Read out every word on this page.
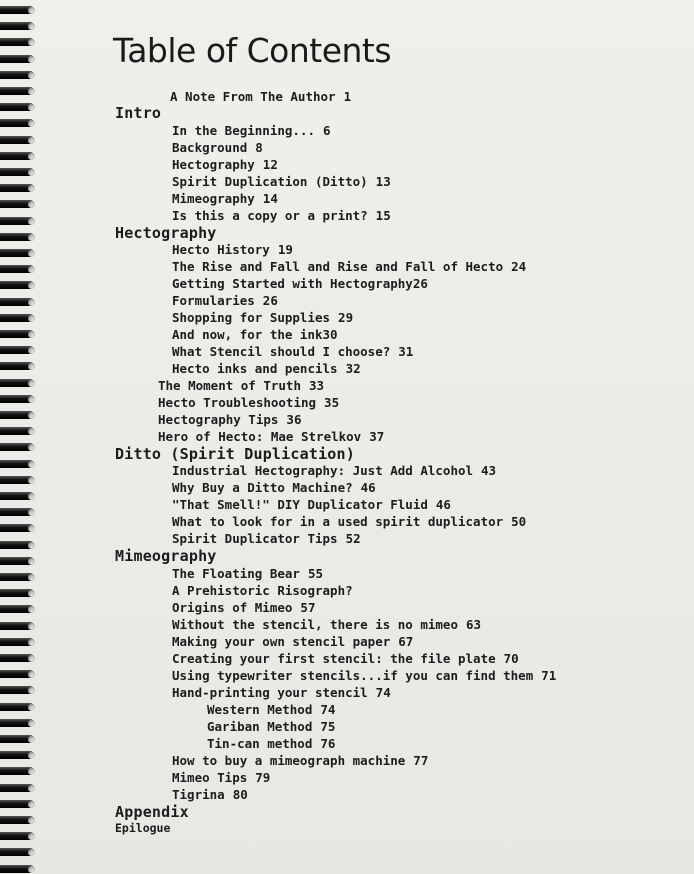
Table of Contents
A Note From The Author 1
Intro
In the Beginning... 6
Background 8
Hectography 12
Spirit Duplication (Ditto) 13
Mimeography 14
Is this a copy or a print? 15
Hectography
Hecto History 19
The Rise and Fall and Rise and Fall of Hecto 24
Getting Started with Hectography26
Formularies 26
Shopping for Supplies 29
And now, for the ink30
What Stencil should I choose? 31
Hecto inks and pencils 32
The Moment of Truth 33
Hecto Troubleshooting 35
Hectography Tips 36
Hero of Hecto: Mae Strelkov 37
Ditto (Spirit Duplication)
Industrial Hectography: Just Add Alcohol 43
Why Buy a Ditto Machine? 46
"That Smell!" DIY Duplicator Fluid 46
What to look for in a used spirit duplicator 50
Spirit Duplicator Tips 52
Mimeography
The Floating Bear 55
A Prehistoric Risograph?
Origins of Mimeo 57
Without the stencil, there is no mimeo 63
Making your own stencil paper 67
Creating your first stencil: the file plate 70
Using typewriter stencils...if you can find them 71
Hand-printing your stencil 74
Western Method 74
Gariban Method 75
Tin-can method 76
How to buy a mimeograph machine 77
Mimeo Tips 79
Tigrina 80
Appendix
Epilogue
